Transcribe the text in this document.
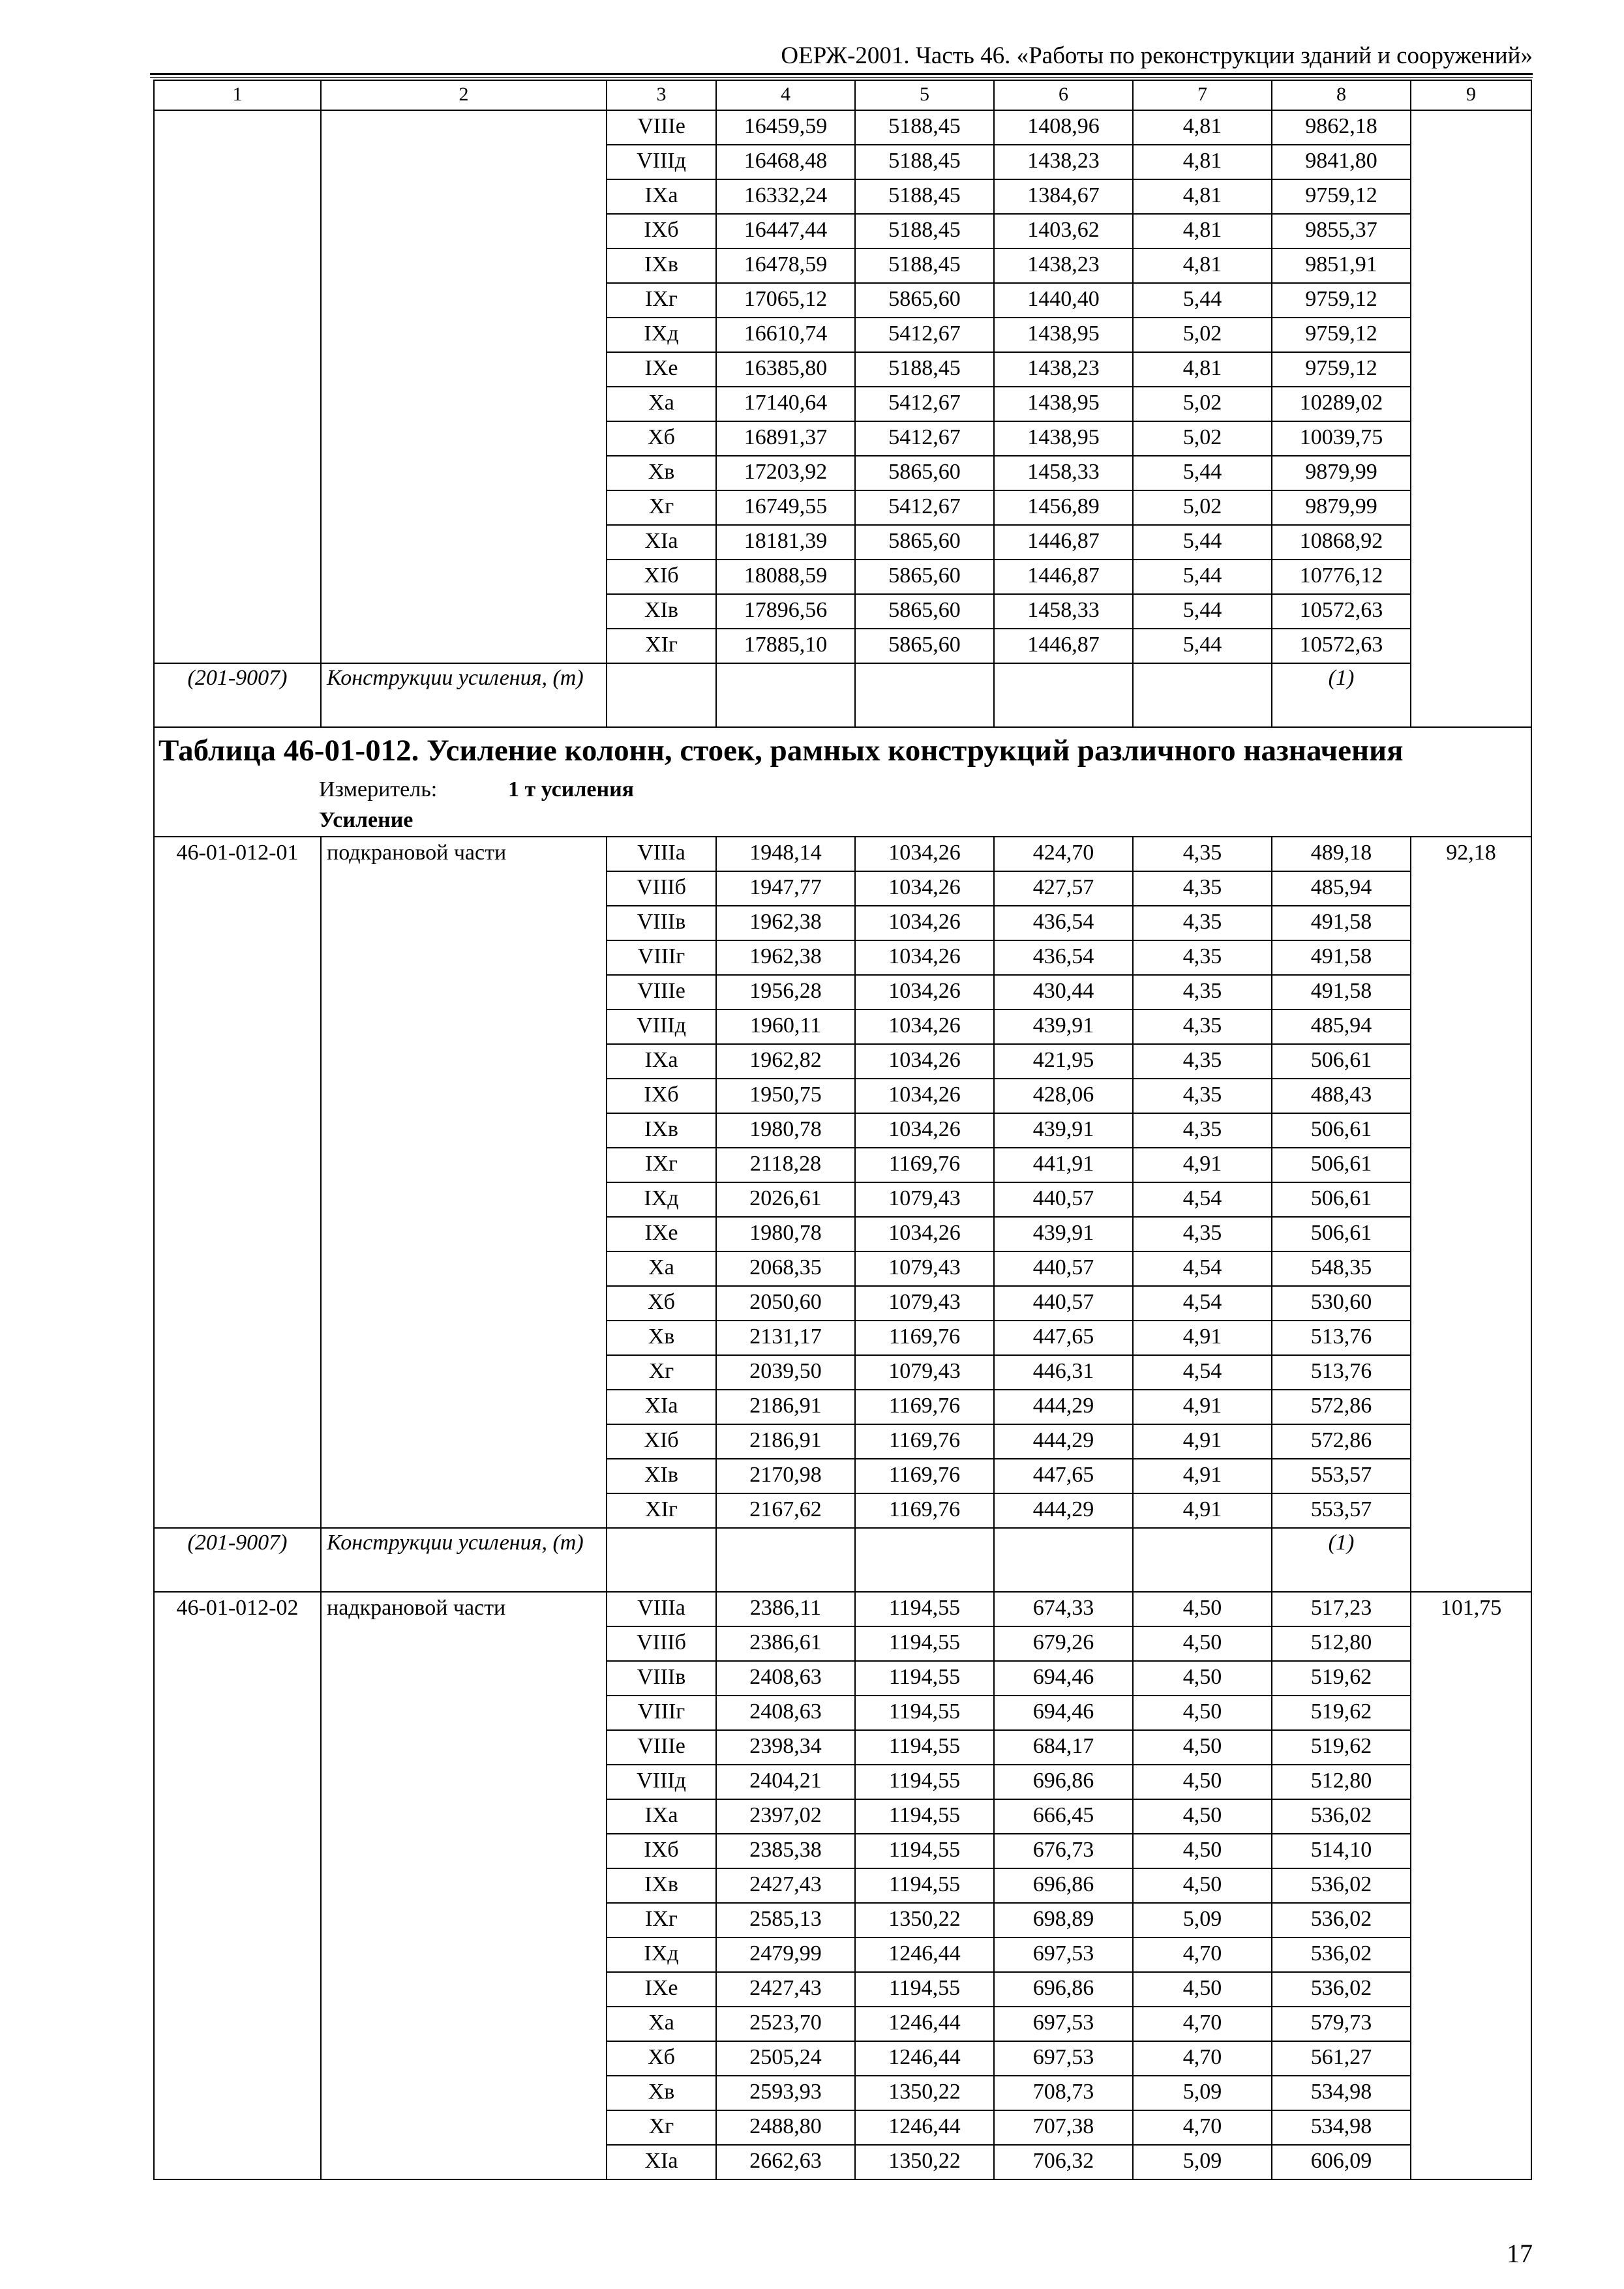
ОЕРЖ-2001. Часть 46. «Работы по реконструкции зданий и сооружений»
1	2	3	4	5	6	7	8	9
		VIIIе	16459,59	5188,45	1408,96	4,81	9862,18	
		VIIIд	16468,48	5188,45	1438,23	4,81	9841,80	
		IXа	16332,24	5188,45	1384,67	4,81	9759,12	
		IXб	16447,44	5188,45	1403,62	4,81	9855,37	
		IXв	16478,59	5188,45	1438,23	4,81	9851,91	
		IXг	17065,12	5865,60	1440,40	5,44	9759,12	
		IXд	16610,74	5412,67	1438,95	5,02	9759,12	
		IXе	16385,80	5188,45	1438,23	4,81	9759,12	
		Xа	17140,64	5412,67	1438,95	5,02	10289,02	
		Xб	16891,37	5412,67	1438,95	5,02	10039,75	
		Xв	17203,92	5865,60	1458,33	5,44	9879,99	
		Xг	16749,55	5412,67	1456,89	5,02	9879,99	
		XIа	18181,39	5865,60	1446,87	5,44	10868,92	
		XIб	18088,59	5865,60	1446,87	5,44	10776,12	
		XIв	17896,56	5865,60	1458,33	5,44	10572,63	
		XIг	17885,10	5865,60	1446,87	5,44	10572,63	
(201-9007)	Конструкции усиления, (т)						(1)	
Таблица 46-01-012. Усиление колонн, стоек, рамных конструкций различного назначения								
Измеритель: 1 т усиления								
Усиление								
46-01-012-01	подкрановой части	VIIIа	1948,14	1034,26	424,70	4,35	489,18	92,18
		VIIIб	1947,77	1034,26	427,57	4,35	485,94	
		VIIIв	1962,38	1034,26	436,54	4,35	491,58	
		VIIIг	1962,38	1034,26	436,54	4,35	491,58	
		VIIIе	1956,28	1034,26	430,44	4,35	491,58	
		VIIIд	1960,11	1034,26	439,91	4,35	485,94	
		IXа	1962,82	1034,26	421,95	4,35	506,61	
		IXб	1950,75	1034,26	428,06	4,35	488,43	
		IXв	1980,78	1034,26	439,91	4,35	506,61	
		IXг	2118,28	1169,76	441,91	4,91	506,61	
		IXд	2026,61	1079,43	440,57	4,54	506,61	
		IXе	1980,78	1034,26	439,91	4,35	506,61	
		Xа	2068,35	1079,43	440,57	4,54	548,35	
		Xб	2050,60	1079,43	440,57	4,54	530,60	
		Xв	2131,17	1169,76	447,65	4,91	513,76	
		Xг	2039,50	1079,43	446,31	4,54	513,76	
		XIа	2186,91	1169,76	444,29	4,91	572,86	
		XIб	2186,91	1169,76	444,29	4,91	572,86	
		XIв	2170,98	1169,76	447,65	4,91	553,57	
		XIг	2167,62	1169,76	444,29	4,91	553,57	
(201-9007)	Конструкции усиления, (т)						(1)	
46-01-012-02	надкрановой части	VIIIа	2386,11	1194,55	674,33	4,50	517,23	101,75
		VIIIб	2386,61	1194,55	679,26	4,50	512,80	
		VIIIв	2408,63	1194,55	694,46	4,50	519,62	
		VIIIг	2408,63	1194,55	694,46	4,50	519,62	
		VIIIе	2398,34	1194,55	684,17	4,50	519,62	
		VIIIд	2404,21	1194,55	696,86	4,50	512,80	
		IXа	2397,02	1194,55	666,45	4,50	536,02	
		IXб	2385,38	1194,55	676,73	4,50	514,10	
		IXв	2427,43	1194,55	696,86	4,50	536,02	
		IXг	2585,13	1350,22	698,89	5,09	536,02	
		IXд	2479,99	1246,44	697,53	4,70	536,02	
		IXе	2427,43	1194,55	696,86	4,50	536,02	
		Xа	2523,70	1246,44	697,53	4,70	579,73	
		Xб	2505,24	1246,44	697,53	4,70	561,27	
		Xв	2593,93	1350,22	708,73	5,09	534,98	
		Xг	2488,80	1246,44	707,38	4,70	534,98	
		XIа	2662,63	1350,22	706,32	5,09	606,09	
17
